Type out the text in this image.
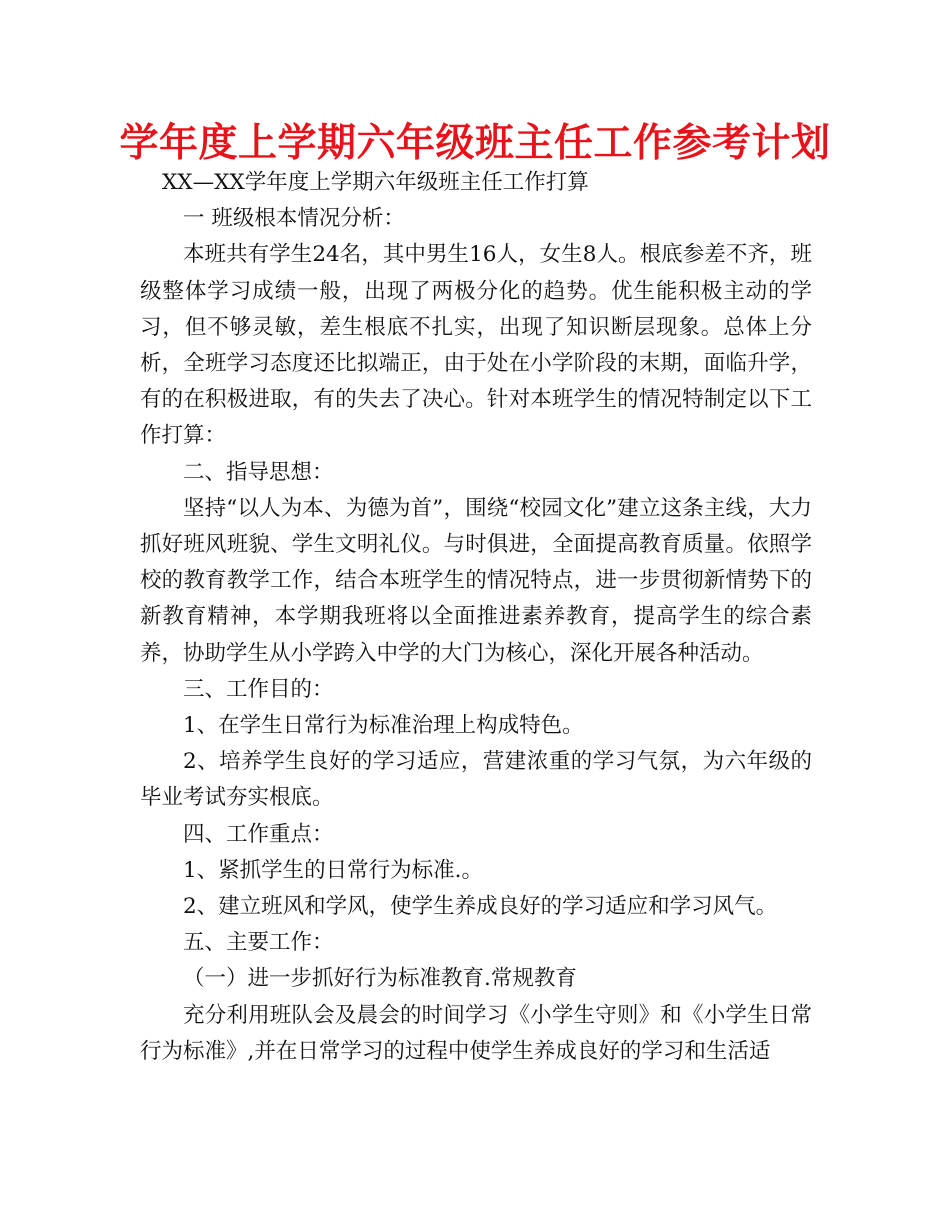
学年度上学期六年级班主任工作参考计划

XX—XX学年度上学期六年级班主任工作打算

一 班级根本情况分析：

本班共有学生24名，其中男生16人，女生8人。根底参差不齐，班级整体学习成绩一般，出现了两极分化的趋势。优生能积极主动的学习，但不够灵敏，差生根底不扎实，出现了知识断层现象。总体上分析，全班学习态度还比拟端正，由于处在小学阶段的末期，面临升学，有的在积极进取，有的失去了决心。针对本班学生的情况特制定以下工作打算：

二、指导思想：

坚持“以人为本、为德为首”，围绕“校园文化”建立这条主线，大力抓好班风班貌、学生文明礼仪。与时俱进，全面提高教育质量。依照学校的教育教学工作，结合本班学生的情况特点，进一步贯彻新情势下的新教育精神，本学期我班将以全面推进素养教育，提高学生的综合素养，协助学生从小学跨入中学的大门为核心，深化开展各种活动。

三、工作目的：

1、在学生日常行为标准治理上构成特色。

2、培养学生良好的学习适应，营建浓重的学习气氛，为六年级的毕业考试夯实根底。

四、工作重点：

1、紧抓学生的日常行为标准.。

2、建立班风和学风，使学生养成良好的学习适应和学习风气。

五、主要工作：

（一）进一步抓好行为标准教育.常规教育

充分利用班队会及晨会的时间学习《小学生守则》和《小学生日常行为标准》,并在日常学习的过程中使学生养成良好的学习和生活适
